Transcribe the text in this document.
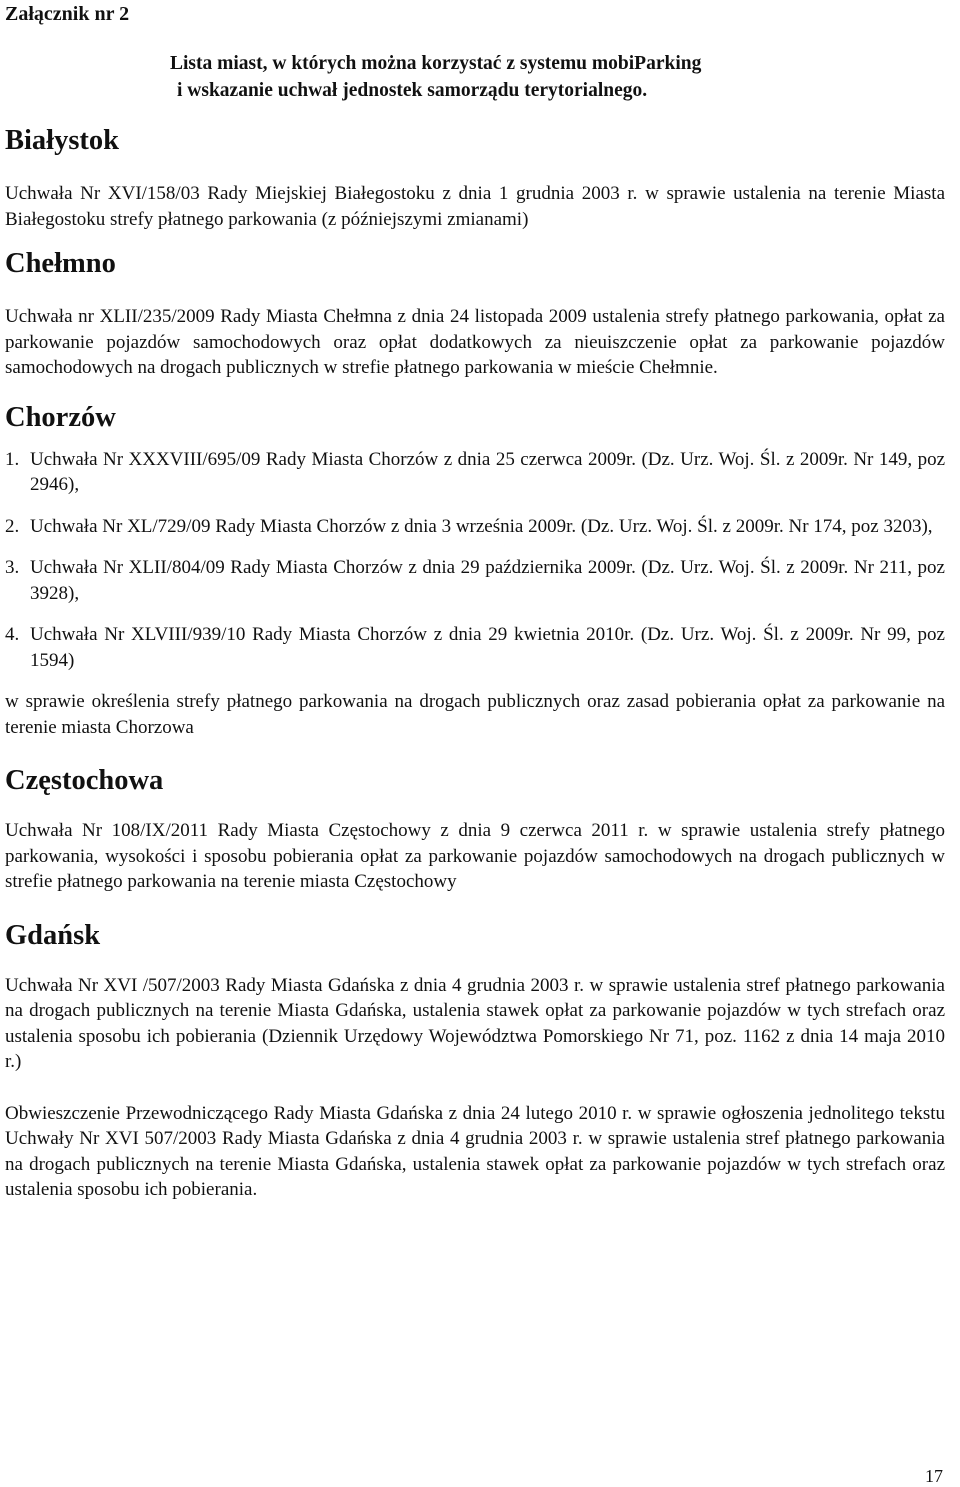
Załącznik nr 2

Lista miast, w których można korzystać z systemu mobiParking
i wskazanie uchwał jednostek samorządu terytorialnego.
Białystok

Uchwała Nr XVI/158/03 Rady Miejskiej Białegostoku z dnia 1 grudnia 2003 r. w sprawie ustalenia na terenie Miasta Białegostoku strefy płatnego parkowania (z późniejszymi zmianami)

Chełmno

Uchwała nr XLII/235/2009 Rady Miasta Chełmna z dnia 24 listopada 2009 ustalenia strefy płatnego parkowania, opłat za parkowanie pojazdów samochodowych oraz opłat dodatkowych za nieuiszczenie opłat za parkowanie pojazdów samochodowych na drogach publicznych w strefie płatnego parkowania w mieście Chełmnie.

Chorzów
1. Uchwała Nr XXXVIII/695/09 Rady Miasta Chorzów z dnia 25 czerwca 2009r. (Dz. Urz. Woj. Śl. z 2009r. Nr 149, poz 2946),
2. Uchwała Nr XL/729/09 Rady Miasta Chorzów z dnia 3 września 2009r. (Dz. Urz. Woj. Śl. z 2009r. Nr 174, poz 3203),
3. Uchwała Nr XLII/804/09 Rady Miasta Chorzów z dnia 29 października 2009r. (Dz. Urz. Woj. Śl. z 2009r. Nr 211, poz 3928),
4. Uchwała Nr XLVIII/939/10 Rady Miasta Chorzów z dnia 29 kwietnia 2010r. (Dz. Urz. Woj. Śl. z 2009r. Nr 99, poz 1594)

w sprawie określenia strefy płatnego parkowania na drogach publicznych oraz zasad pobierania opłat za parkowanie na terenie miasta Chorzowa

Częstochowa

Uchwała Nr 108/IX/2011 Rady Miasta Częstochowy z dnia 9 czerwca 2011 r. w sprawie ustalenia strefy płatnego parkowania, wysokości i sposobu pobierania opłat za parkowanie pojazdów samochodowych na drogach publicznych w strefie płatnego parkowania na terenie miasta Częstochowy

Gdańsk

Uchwała Nr XVI /507/2003 Rady Miasta Gdańska z dnia 4 grudnia 2003 r. w sprawie ustalenia stref płatnego parkowania na drogach publicznych na terenie Miasta Gdańska, ustalenia stawek opłat za parkowanie pojazdów w tych strefach oraz ustalenia sposobu ich pobierania (Dziennik Urzędowy Województwa Pomorskiego Nr 71, poz. 1162 z dnia 14 maja 2010 r.)

Obwieszczenie Przewodniczącego Rady Miasta Gdańska z dnia 24 lutego 2010 r. w sprawie ogłoszenia jednolitego tekstu Uchwały Nr XVI 507/2003 Rady Miasta Gdańska z dnia 4 grudnia 2003 r. w sprawie ustalenia stref płatnego parkowania na drogach publicznych na terenie Miasta Gdańska, ustalenia stawek opłat za parkowanie pojazdów w tych strefach oraz ustalenia sposobu ich pobierania.

17
